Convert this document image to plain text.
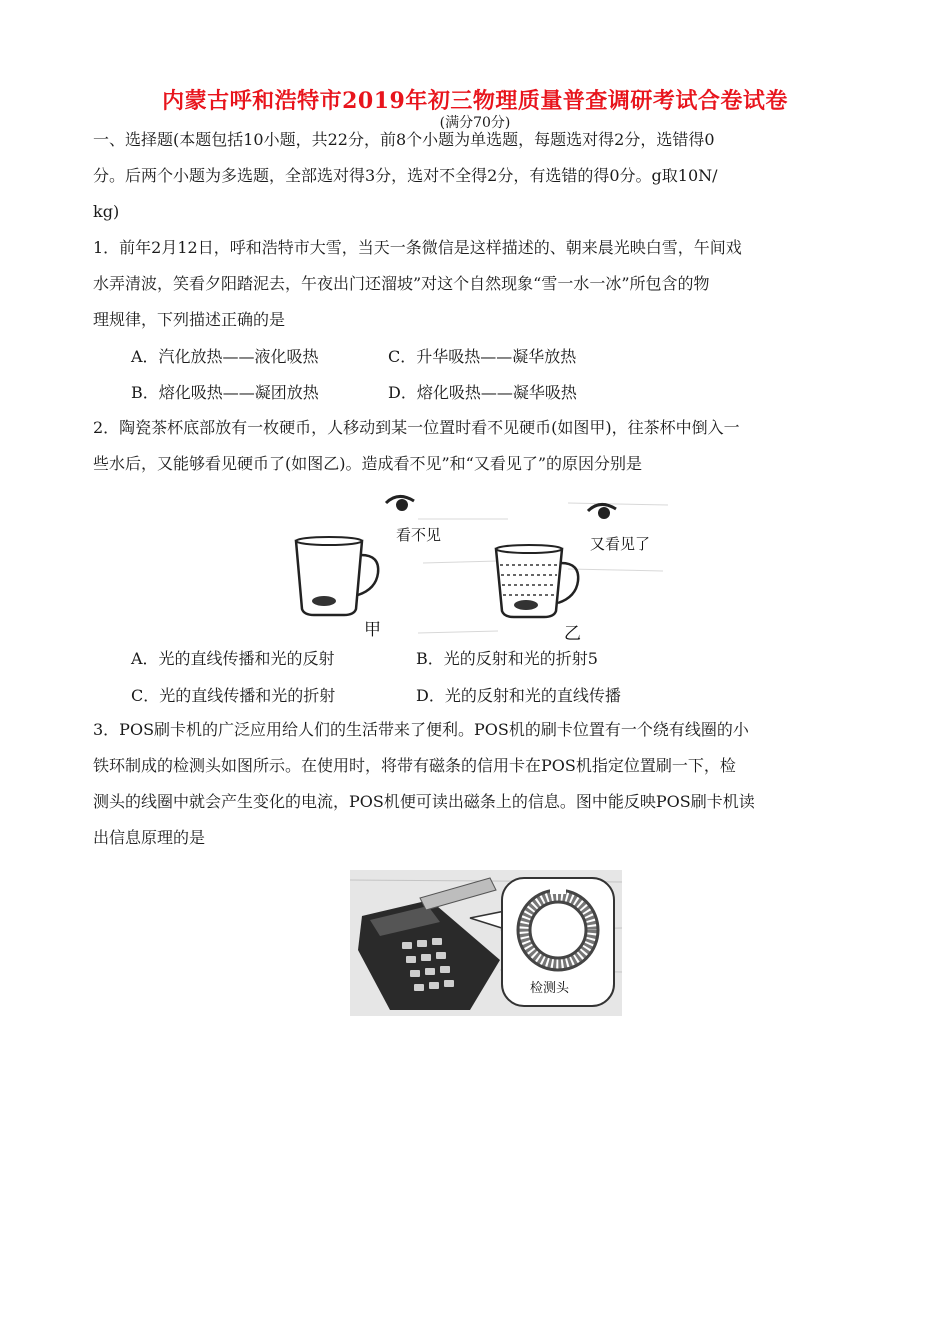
内蒙古呼和浩特市2019年初三物理质量普查调研考试合卷试卷
(满分70分)
一、选择题(本题包括10小题，共22分，前8个小题为单选题，每题选对得2分，选错得0
分。后两个小题为多选题，全部选对得3分，选对不全得2分，有选错的得0分。g取10N/
kg)
1．前年2月12日，呼和浩特市大雪，当天一条微信是这样描述的、朝来晨光映白雪，午间戏
水弄清波，笑看夕阳踏泥去，午夜出门还溜坡”对这个自然现象“雪一水一冰”所包含的物
理规律，下列描述正确的是
A．汽化放热——液化吸热	C．升华吸热——凝华放热
B．熔化吸热——凝团放热	D．熔化吸热——凝华吸热
2．陶瓷茶杯底部放有一枚硬币，人移动到某一位置时看不见硬币(如图甲)，往茶杯中倒入一
些水后，又能够看见硬币了(如图乙)。造成看不见”和“又看见了”的原因分别是
看不见
甲
又看见了
乙
A．光的直线传播和光的反射	B．光的反射和光的折射5
C．光的直线传播和光的折射	D．光的反射和光的直线传播
3．POS刷卡机的广泛应用给人们的生活带来了便利。POS机的刷卡位置有一个绕有线圈的小
铁环制成的检测头如图所示。在使用时，将带有磁条的信用卡在POS机指定位置刷一下，检
测头的线圈中就会产生变化的电流，POS机便可读出磁条上的信息。图中能反映POS刷卡机读
出信息原理的是
检测头
